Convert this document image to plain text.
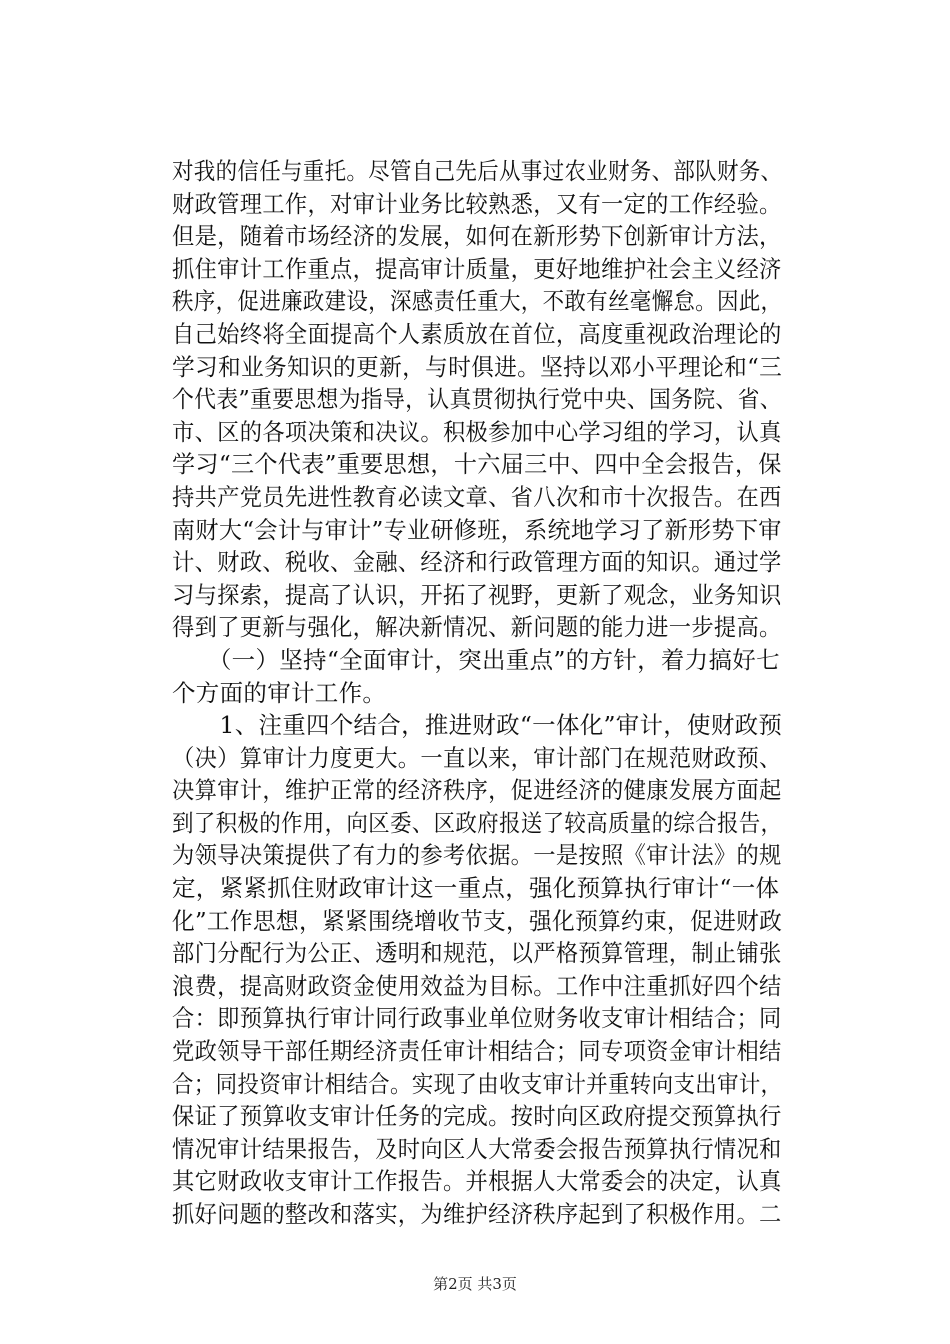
对我的信任与重托。尽管自己先后从事过农业财务、部队财务、
财政管理工作，对审计业务比较熟悉，又有一定的工作经验。
但是，随着市场经济的发展，如何在新形势下创新审计方法，
抓住审计工作重点，提高审计质量，更好地维护社会主义经济
秩序，促进廉政建设，深感责任重大，不敢有丝毫懈怠。因此，
自己始终将全面提高个人素质放在首位，高度重视政治理论的
学习和业务知识的更新，与时俱进。坚持以邓小平理论和“三
个代表”重要思想为指导，认真贯彻执行党中央、国务院、省、
市、区的各项决策和决议。积极参加中心学习组的学习，认真
学习“三个代表”重要思想，十六届三中、四中全会报告，保
持共产党员先进性教育必读文章、省八次和市十次报告。在西
南财大“会计与审计”专业研修班，系统地学习了新形势下审
计、财政、税收、金融、经济和行政管理方面的知识。通过学
习与探索，提高了认识，开拓了视野，更新了观念，业务知识
得到了更新与强化，解决新情况、新问题的能力进一步提高。
　　（一）坚持“全面审计，突出重点”的方针，着力搞好七
个方面的审计工作。
　　1、注重四个结合，推进财政“一体化”审计，使财政预
（决）算审计力度更大。一直以来，审计部门在规范财政预、
决算审计，维护正常的经济秩序，促进经济的健康发展方面起
到了积极的作用，向区委、区政府报送了较高质量的综合报告，
为领导决策提供了有力的参考依据。一是按照《审计法》的规
定，紧紧抓住财政审计这一重点，强化预算执行审计“一体
化”工作思想，紧紧围绕增收节支，强化预算约束，促进财政
部门分配行为公正、透明和规范，以严格预算管理，制止铺张
浪费，提高财政资金使用效益为目标。工作中注重抓好四个结
合：即预算执行审计同行政事业单位财务收支审计相结合；同
党政领导干部任期经济责任审计相结合；同专项资金审计相结
合；同投资审计相结合。实现了由收支审计并重转向支出审计，
保证了预算收支审计任务的完成。按时向区政府提交预算执行
情况审计结果报告，及时向区人大常委会报告预算执行情况和
其它财政收支审计工作报告。并根据人大常委会的决定，认真
抓好问题的整改和落实，为维护经济秩序起到了积极作用。二
第2页 共3页
